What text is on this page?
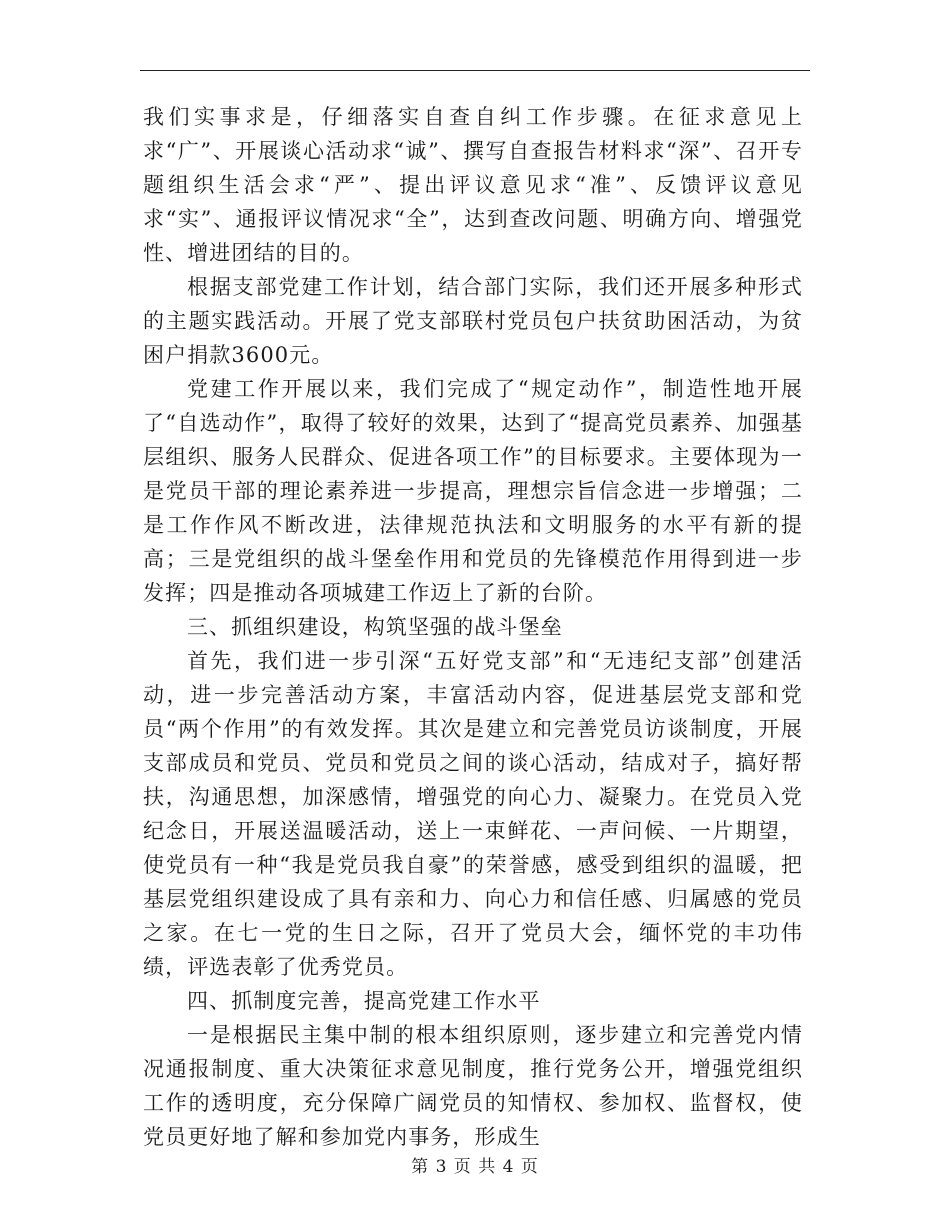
我们实事求是，仔细落实自查自纠工作步骤。在征求意见上求“广”、开展谈心活动求“诚”、撰写自查报告材料求“深”、召开专题组织生活会求“严”、提出评议意见求“准”、反馈评议意见求“实”、通报评议情况求“全”，达到查改问题、明确方向、增强党性、增进团结的目的。

根据支部党建工作计划，结合部门实际，我们还开展多种形式的主题实践活动。开展了党支部联村党员包户扶贫助困活动，为贫困户捐款3600元。

党建工作开展以来，我们完成了“规定动作”，制造性地开展了“自选动作”，取得了较好的效果，达到了“提高党员素养、加强基层组织、服务人民群众、促进各项工作”的目标要求。主要体现为一是党员干部的理论素养进一步提高，理想宗旨信念进一步增强；二是工作作风不断改进，法律规范执法和文明服务的水平有新的提高；三是党组织的战斗堡垒作用和党员的先锋模范作用得到进一步发挥；四是推动各项城建工作迈上了新的台阶。

三、抓组织建设，构筑坚强的战斗堡垒

首先，我们进一步引深“五好党支部”和“无违纪支部”创建活动，进一步完善活动方案，丰富活动内容，促进基层党支部和党员“两个作用”的有效发挥。其次是建立和完善党员访谈制度，开展支部成员和党员、党员和党员之间的谈心活动，结成对子，搞好帮扶，沟通思想，加深感情，增强党的向心力、凝聚力。在党员入党纪念日，开展送温暖活动，送上一束鲜花、一声问候、一片期望，使党员有一种“我是党员我自豪”的荣誉感，感受到组织的温暖，把基层党组织建设成了具有亲和力、向心力和信任感、归属感的党员之家。在七一党的生日之际，召开了党员大会，缅怀党的丰功伟绩，评选表彰了优秀党员。

四、抓制度完善，提高党建工作水平

一是根据民主集中制的根本组织原则，逐步建立和完善党内情况通报制度、重大决策征求意见制度，推行党务公开，增强党组织工作的透明度，充分保障广阔党员的知情权、参加权、监督权，使党员更好地了解和参加党内事务，形成生

第 3 页 共 4 页
